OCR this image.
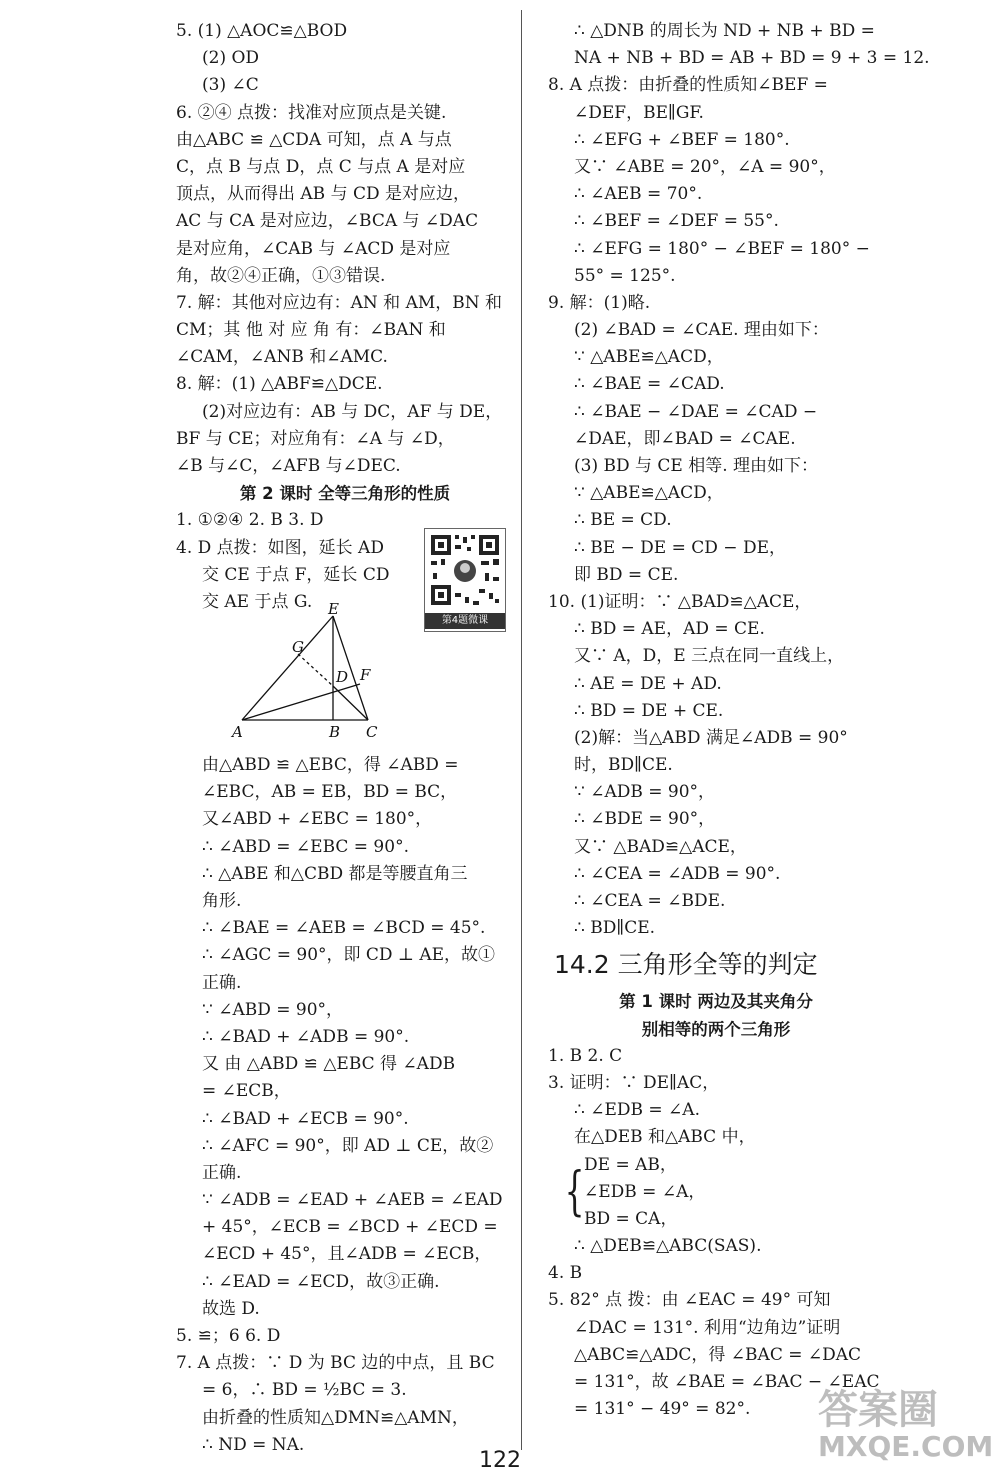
5. (1) △AOC≌△BOD
(2) OD
(3) ∠C
6. ②④ 点拨：找准对应顶点是关键.
由△ABC ≌ △CDA 可知，点 A 与点
C，点 B 与点 D，点 C 与点 A 是对应
顶点，从而得出 AB 与 CD 是对应边，
AC 与 CA 是对应边，∠BCA 与 ∠DAC
是对应角，∠CAB 与 ∠ACD 是对应
角，故②④正确，①③错误.
7. 解：其他对应边有：AN 和 AM，BN 和
CM；其 他 对 应 角 有：∠BAN 和
∠CAM，∠ANB 和∠AMC.
8. 解：(1) △ABF≌△DCE.
(2)对应边有：AB 与 DC，AF 与 DE，
BF 与 CE；对应角有：∠A 与 ∠D，
∠B 与∠C，∠AFB 与∠DEC.
第 2 课时 全等三角形的性质
1. ①②④ 2. B 3. D
4. D 点拨：如图，延长 AD
交 CE 于点 F，延长 CD
交 AE 于点 G.
由△ABD ≌ △EBC，得 ∠ABD =
∠EBC，AB = EB，BD = BC，
又∠ABD + ∠EBC = 180°，
∴ ∠ABD = ∠EBC = 90°.
∴ △ABE 和△CBD 都是等腰直角三
角形.
∴ ∠BAE = ∠AEB = ∠BCD = 45°.
∴ ∠AGC = 90°，即 CD ⊥ AE，故①
正确.
∵ ∠ABD = 90°，
∴ ∠BAD + ∠ADB = 90°.
又 由 △ABD ≌ △EBC 得 ∠ADB
= ∠ECB，
∴ ∠BAD + ∠ECB = 90°.
∴ ∠AFC = 90°，即 AD ⊥ CE，故②
正确.
∵ ∠ADB = ∠EAD + ∠AEB = ∠EAD
+ 45°，∠ECB = ∠BCD + ∠ECD =
∠ECD + 45°，且∠ADB = ∠ECB，
∴ ∠EAD = ∠ECD，故③正确.
故选 D.
5. ≌；6 6. D
7. A 点拨：∵ D 为 BC 边的中点，且 BC
= 6，∴ BD = ½BC = 3.
由折叠的性质知△DMN≌△AMN，
∴ ND = NA.
∴ △DNB 的周长为 ND + NB + BD =
NA + NB + BD = AB + BD = 9 + 3 = 12.
8. A 点拨：由折叠的性质知∠BEF =
∠DEF，BE∥GF.
∴ ∠EFG + ∠BEF = 180°.
又∵ ∠ABE = 20°，∠A = 90°，
∴ ∠AEB = 70°.
∴ ∠BEF = ∠DEF = 55°.
∴ ∠EFG = 180° − ∠BEF = 180° −
55° = 125°.
9. 解：(1)略.
(2) ∠BAD = ∠CAE. 理由如下：
∵ △ABE≌△ACD，
∴ ∠BAE = ∠CAD.
∴ ∠BAE − ∠DAE = ∠CAD −
∠DAE，即∠BAD = ∠CAE.
(3) BD 与 CE 相等. 理由如下：
∵ △ABE≌△ACD，
∴ BE = CD.
∴ BE − DE = CD − DE，
即 BD = CE.
10. (1)证明：∵ △BAD≌△ACE，
∴ BD = AE，AD = CE.
又∵ A，D，E 三点在同一直线上，
∴ AE = DE + AD.
∴ BD = DE + CE.
(2)解：当△ABD 满足∠ADB = 90°
时，BD∥CE.
∵ ∠ADB = 90°，
∴ ∠BDE = 90°，
又∵ △BAD≌△ACE，
∴ ∠CEA = ∠ADB = 90°.
∴ ∠CEA = ∠BDE.
∴ BD∥CE.
14.2 三角形全等的判定
第 1 课时 两边及其夹角分
别相等的两个三角形
1. B 2. C
3. 证明：∵ DE∥AC，
∴ ∠EDB = ∠A.
在△DEB 和△ABC 中，
{ DE = AB，
∠EDB = ∠A，
BD = CA，
∴ △DEB≌△ABC(SAS).
4. B
5. 82° 点 拨：由 ∠EAC = 49° 可知
∠DAC = 131°. 利用“边角边”证明
△ABC≌△ADC，得 ∠BAC = ∠DAC
= 131°，故 ∠BAE = ∠BAC − ∠EAC
= 131° − 49° = 82°.
第4题微课
E
G
D F
A	B C
122
答案圈
MXQE.COM
